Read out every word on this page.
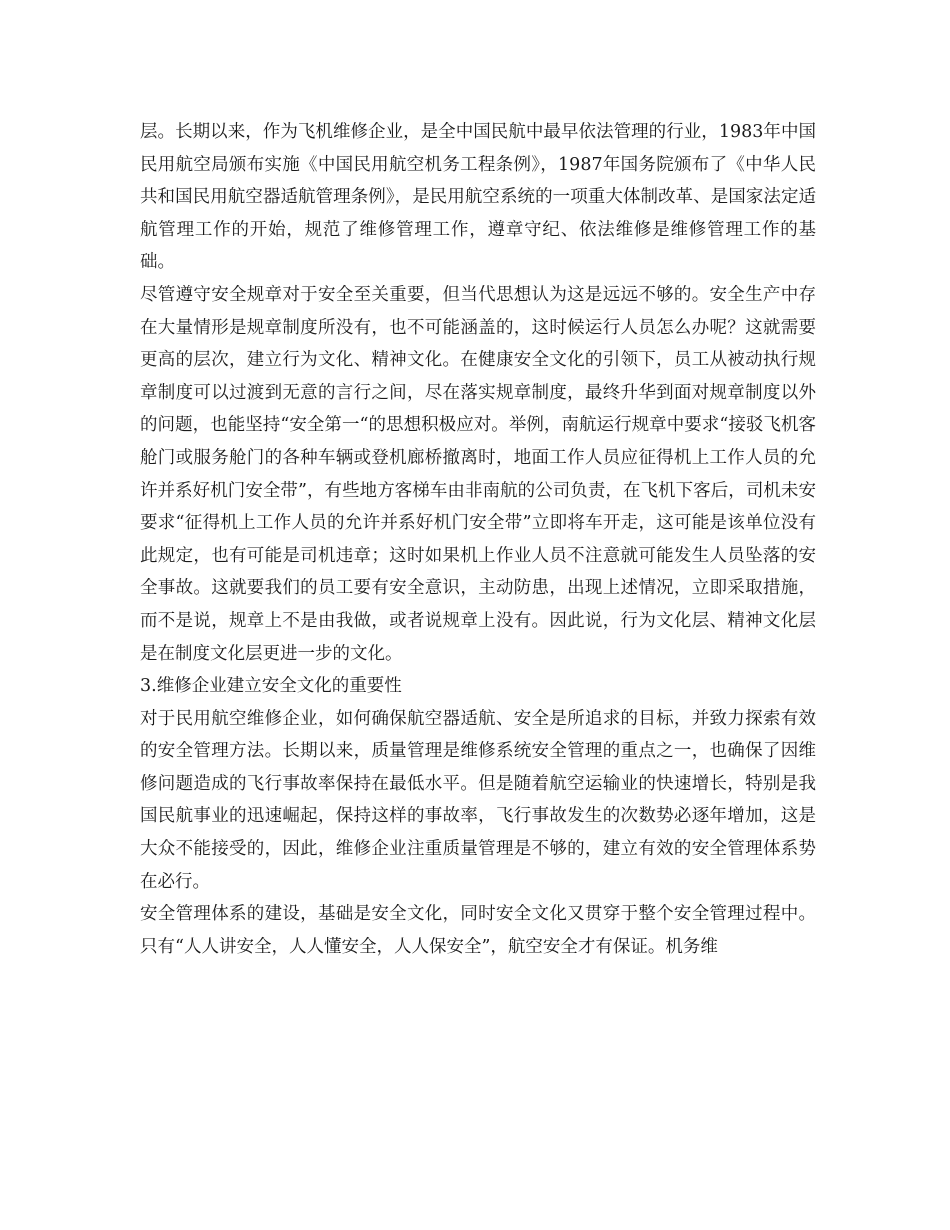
层。长期以来，作为飞机维修企业，是全中国民航中最早依法管理的行业，1983年中国民用航空局颁布实施《中国民用航空机务工程条例》，1987年国务院颁布了《中华人民共和国民用航空器适航管理条例》，是民用航空系统的一项重大体制改革、是国家法定适航管理工作的开始，规范了维修管理工作，遵章守纪、依法维修是维修管理工作的基础。

尽管遵守安全规章对于安全至关重要，但当代思想认为这是远远不够的。安全生产中存在大量情形是规章制度所没有，也不可能涵盖的，这时候运行人员怎么办呢？这就需要更高的层次，建立行为文化、精神文化。在健康安全文化的引领下，员工从被动执行规章制度可以过渡到无意的言行之间，尽在落实规章制度，最终升华到面对规章制度以外的问题，也能坚持“安全第一“的思想积极应对。举例，南航运行规章中要求“接驳飞机客舱门或服务舱门的各种车辆或登机廊桥撤离时，地面工作人员应征得机上工作人员的允许并系好机门安全带”，有些地方客梯车由非南航的公司负责，在飞机下客后，司机未安要求“征得机上工作人员的允许并系好机门安全带”立即将车开走，这可能是该单位没有此规定，也有可能是司机违章；这时如果机上作业人员不注意就可能发生人员坠落的安全事故。这就要我们的员工要有安全意识，主动防患，出现上述情况，立即采取措施，而不是说，规章上不是由我做，或者说规章上没有。因此说，行为文化层、精神文化层是在制度文化层更进一步的文化。

3.维修企业建立安全文化的重要性

对于民用航空维修企业，如何确保航空器适航、安全是所追求的目标，并致力探索有效的安全管理方法。长期以来，质量管理是维修系统安全管理的重点之一，也确保了因维修问题造成的飞行事故率保持在最低水平。但是随着航空运输业的快速增长，特别是我国民航事业的迅速崛起，保持这样的事故率，飞行事故发生的次数势必逐年增加，这是大众不能接受的，因此，维修企业注重质量管理是不够的，建立有效的安全管理体系势在必行。

安全管理体系的建设，基础是安全文化，同时安全文化又贯穿于整个安全管理过程中。只有“人人讲安全，人人懂安全，人人保安全”，航空安全才有保证。机务维
